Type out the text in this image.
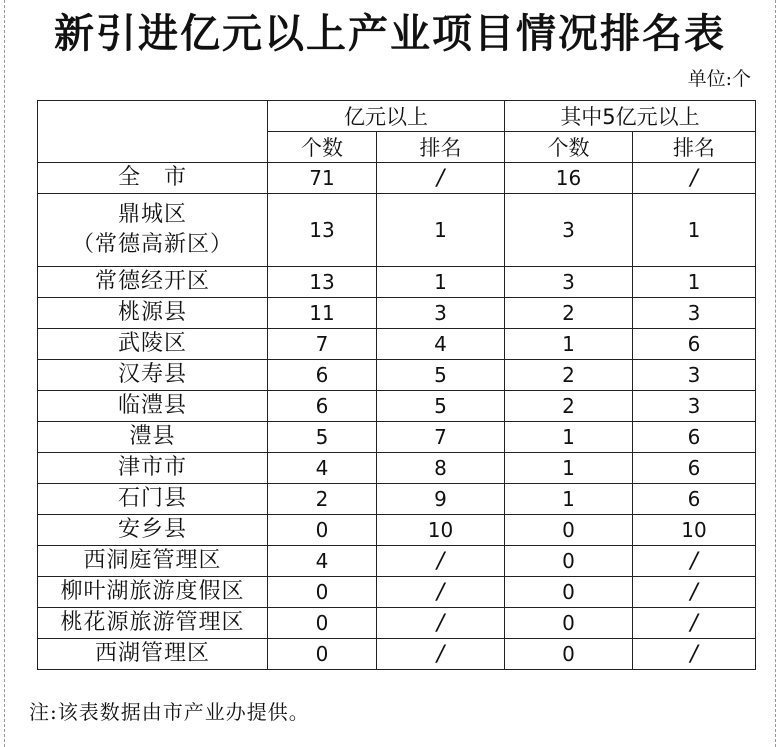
新引进亿元以上产业项目情况排名表
单位:个
	亿元以上		其中5亿元以上	
	个数	排名	个数	排名

全　市	71	/	16	/

鼎城区
（常德高新区）	13	1	3	1

常德经开区	13	1	3	1

桃源县	11	3	2	3

武陵区	7	4	1	6

汉寿县	6	5	2	3

临澧县	6	5	2	3

澧县	5	7	1	6

津市市	4	8	1	6

石门县	2	9	1	6

安乡县	0	10	0	10

西洞庭管理区	4	/	0	/

柳叶湖旅游度假区	0	/	0	/

桃花源旅游管理区	0	/	0	/

西湖管理区	0	/	0	/
注:该表数据由市产业办提供。
